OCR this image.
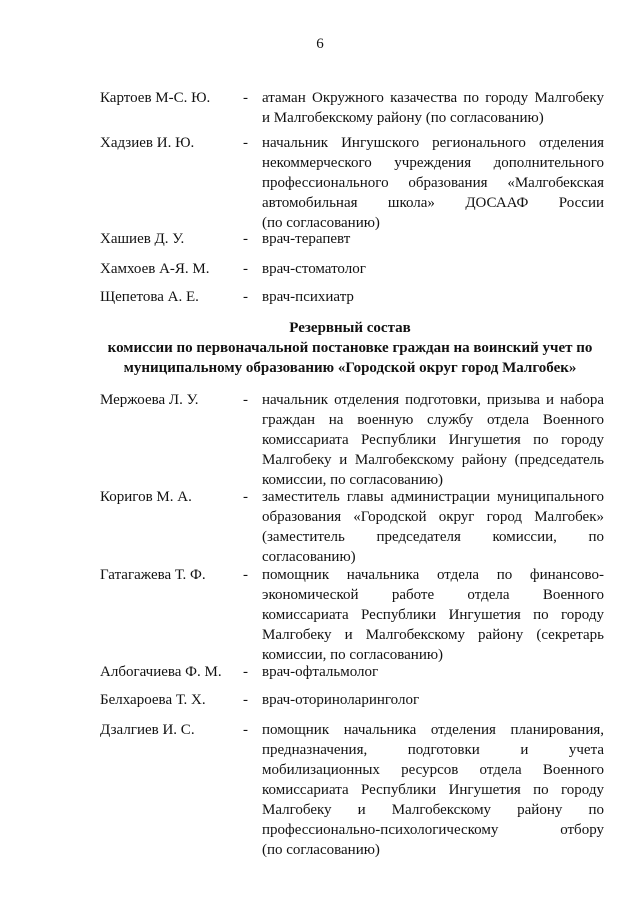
6
Картоев М-С. Ю. - атаман Окружного казачества по городу Малгобеку
и Малгобекскому району (по согласованию)
Хадзиев И. Ю.	- начальник Ингушского регионального отделения
некоммерческого учреждения дополнительного
профессионального образования «Малгобекская
автомобильная школа» ДОСААФ России
(по согласованию)
Хашиев Д. У.	- врач-терапевт
Хамхоев А-Я. М. - врач-стоматолог
Щепетова А. Е.	- врач-психиатр
Резервный состав
комиссии по первоначальной постановке граждан на воинский учет по
муниципальному образованию «Городской округ город Малгобек»
Мержоева Л. У.	- начальник отделения подготовки, призыва и набора
граждан на военную службу отдела Военного
комиссариата Республики Ингушетия по городу
Малгобеку и Малгобекскому району (председатель
комиссии, по согласованию)
Коригов М. А.	- заместитель главы администрации муниципального
образования «Городской округ город Малгобек»
(заместитель председателя комиссии, по
согласованию)
Гатагажева Т. Ф. - помощник начальника отдела по финансово-
экономической работе отдела Военного
комиссариата Республики Ингушетия по городу
Малгобеку и Малгобекскому району (секретарь
комиссии, по согласованию)
Албогачиева Ф. М. - врач-офтальмолог
Белхароева Т. Х. - врач-оториноларинголог
Дзалгиев И. С.	- помощник начальника отделения планирования,
предназначения, подготовки и учета
мобилизационных ресурсов отдела Военного
комиссариата Республики Ингушетия по городу
Малгобеку и Малгобекскому району по
профессионально-психологическому отбору
(по согласованию)
